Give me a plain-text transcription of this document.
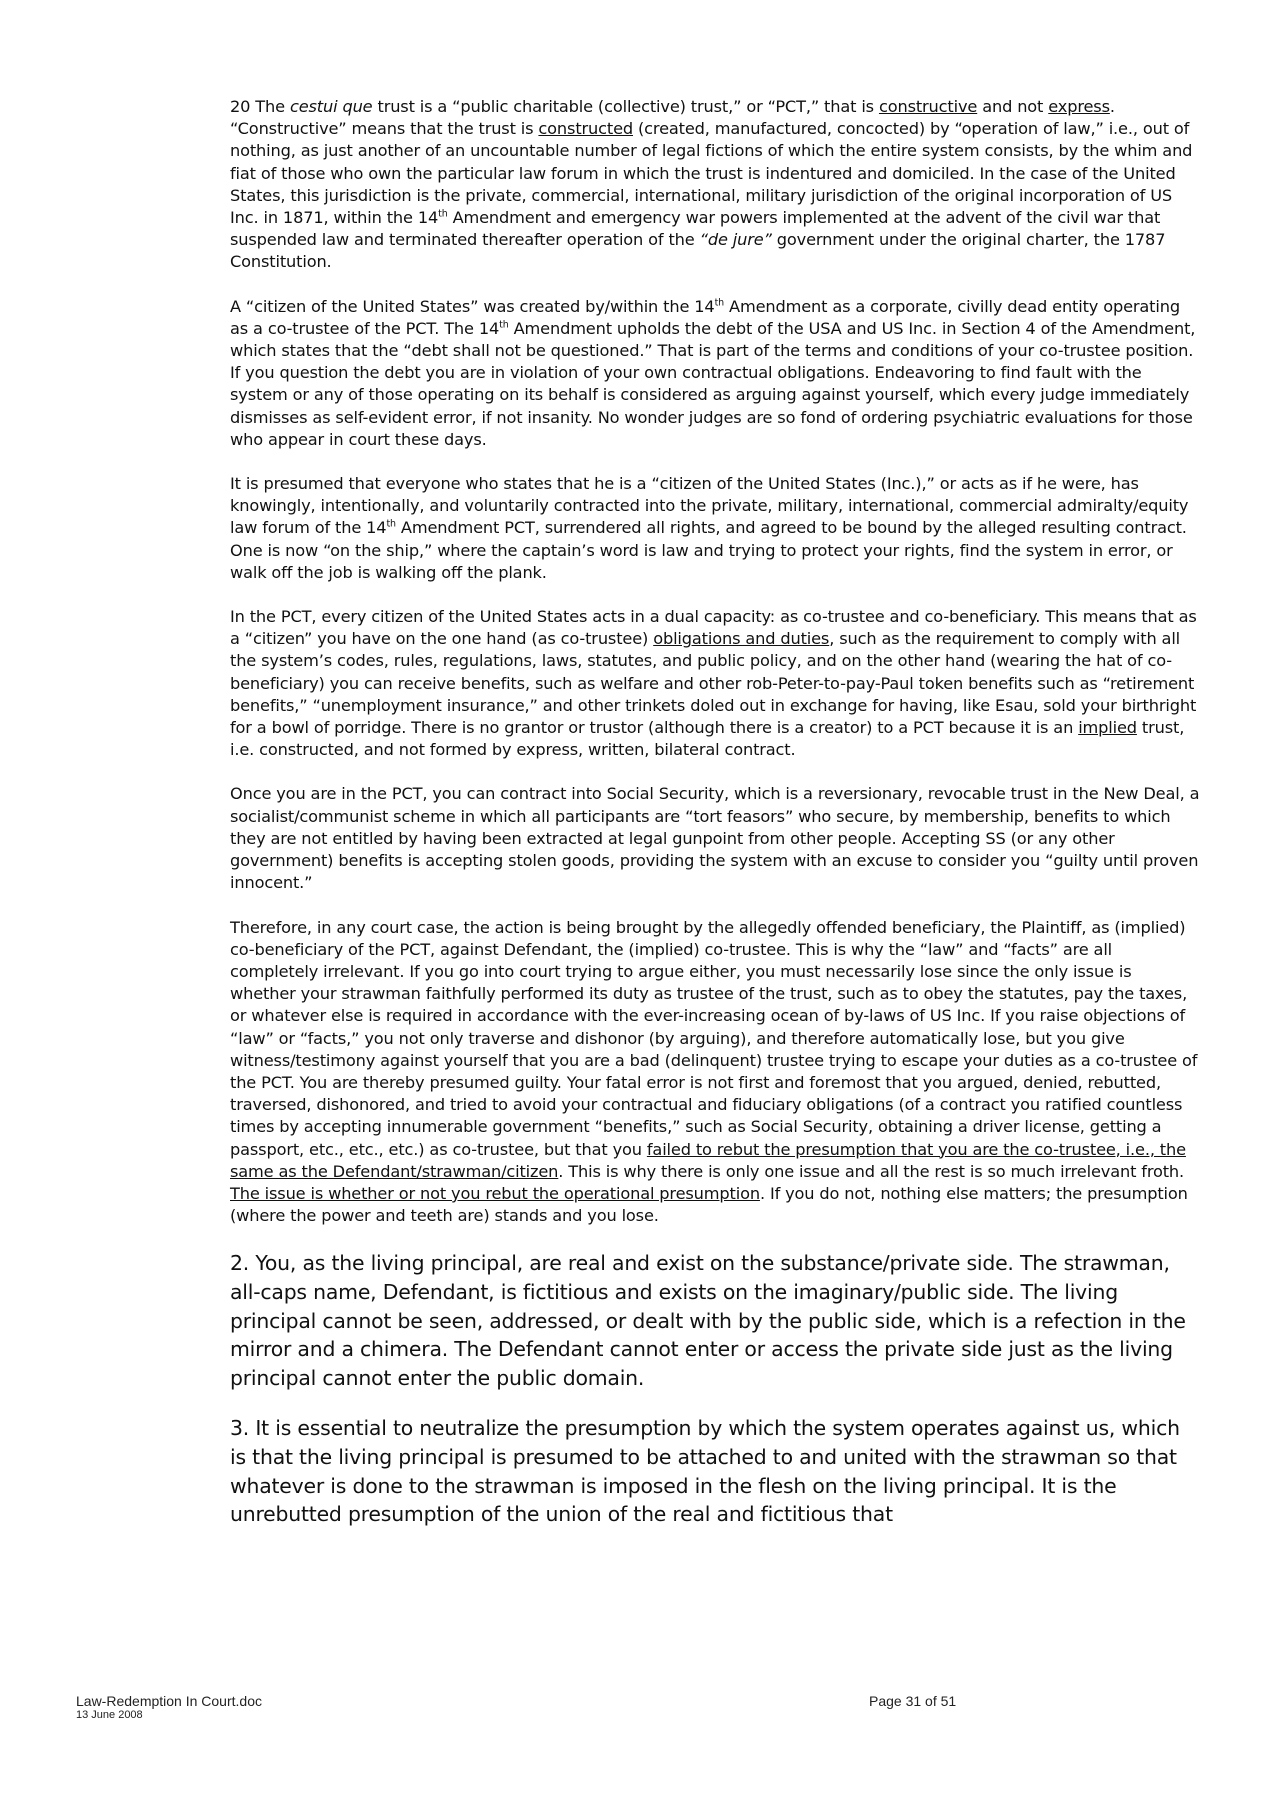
20 The cestui que trust is a “public charitable (collective) trust,” or “PCT,” that is constructive and not express. “Constructive” means that the trust is constructed (created, manufactured, concocted) by “operation of law,” i.e., out of nothing, as just another of an uncountable number of legal fictions of which the entire system consists, by the whim and fiat of those who own the particular law forum in which the trust is indentured and domiciled. In the case of the United States, this jurisdiction is the private, commercial, international, military jurisdiction of the original incorporation of US Inc. in 1871, within the 14th Amendment and emergency war powers implemented at the advent of the civil war that suspended law and terminated thereafter operation of the “de jure” government under the original charter, the 1787 Constitution.

A “citizen of the United States” was created by/within the 14th Amendment as a corporate, civilly dead entity operating as a co-trustee of the PCT. The 14th Amendment upholds the debt of the USA and US Inc. in Section 4 of the Amendment, which states that the “debt shall not be questioned.” That is part of the terms and conditions of your co-trustee position. If you question the debt you are in violation of your own contractual obligations. Endeavoring to find fault with the system or any of those operating on its behalf is considered as arguing against yourself, which every judge immediately dismisses as self-evident error, if not insanity. No wonder judges are so fond of ordering psychiatric evaluations for those who appear in court these days.

It is presumed that everyone who states that he is a “citizen of the United States (Inc.),” or acts as if he were, has knowingly, intentionally, and voluntarily contracted into the private, military, international, commercial admiralty/equity law forum of the 14th Amendment PCT, surrendered all rights, and agreed to be bound by the alleged resulting contract. One is now “on the ship,” where the captain’s word is law and trying to protect your rights, find the system in error, or walk off the job is walking off the plank.

In the PCT, every citizen of the United States acts in a dual capacity: as co-trustee and co-beneficiary. This means that as a “citizen” you have on the one hand (as co-trustee) obligations and duties, such as the requirement to comply with all the system’s codes, rules, regulations, laws, statutes, and public policy, and on the other hand (wearing the hat of co-beneficiary) you can receive benefits, such as welfare and other rob-Peter-to-pay-Paul token benefits such as “retirement benefits,” “unemployment insurance,” and other trinkets doled out in exchange for having, like Esau, sold your birthright for a bowl of porridge. There is no grantor or trustor (although there is a creator) to a PCT because it is an implied trust, i.e. constructed, and not formed by express, written, bilateral contract.

Once you are in the PCT, you can contract into Social Security, which is a reversionary, revocable trust in the New Deal, a socialist/communist scheme in which all participants are “tort feasors” who secure, by membership, benefits to which they are not entitled by having been extracted at legal gunpoint from other people. Accepting SS (or any other government) benefits is accepting stolen goods, providing the system with an excuse to consider you “guilty until proven innocent.”

Therefore, in any court case, the action is being brought by the allegedly offended beneficiary, the Plaintiff, as (implied) co-beneficiary of the PCT, against Defendant, the (implied) co-trustee. This is why the “law” and “facts” are all completely irrelevant. If you go into court trying to argue either, you must necessarily lose since the only issue is whether your strawman faithfully performed its duty as trustee of the trust, such as to obey the statutes, pay the taxes, or whatever else is required in accordance with the ever-increasing ocean of by-laws of US Inc. If you raise objections of “law” or “facts,” you not only traverse and dishonor (by arguing), and therefore automatically lose, but you give witness/testimony against yourself that you are a bad (delinquent) trustee trying to escape your duties as a co-trustee of the PCT. You are thereby presumed guilty. Your fatal error is not first and foremost that you argued, denied, rebutted, traversed, dishonored, and tried to avoid your contractual and fiduciary obligations (of a contract you ratified countless times by accepting innumerable government “benefits,” such as Social Security, obtaining a driver license, getting a passport, etc., etc., etc.) as co-trustee, but that you failed to rebut the presumption that you are the co-trustee, i.e., the same as the Defendant/strawman/citizen. This is why there is only one issue and all the rest is so much irrelevant froth. The issue is whether or not you rebut the operational presumption. If you do not, nothing else matters; the presumption (where the power and teeth are) stands and you lose.

2. You, as the living principal, are real and exist on the substance/private side. The strawman, all-caps name, Defendant, is fictitious and exists on the imaginary/public side. The living principal cannot be seen, addressed, or dealt with by the public side, which is a refection in the mirror and a chimera. The Defendant cannot enter or access the private side just as the living principal cannot enter the public domain.

3. It is essential to neutralize the presumption by which the system operates against us, which is that the living principal is presumed to be attached to and united with the strawman so that whatever is done to the strawman is imposed in the flesh on the living principal. It is the unrebutted presumption of the union of the real and fictitious that

Law-Redemption In Court.doc
13 June 2008
Page 31 of 51
